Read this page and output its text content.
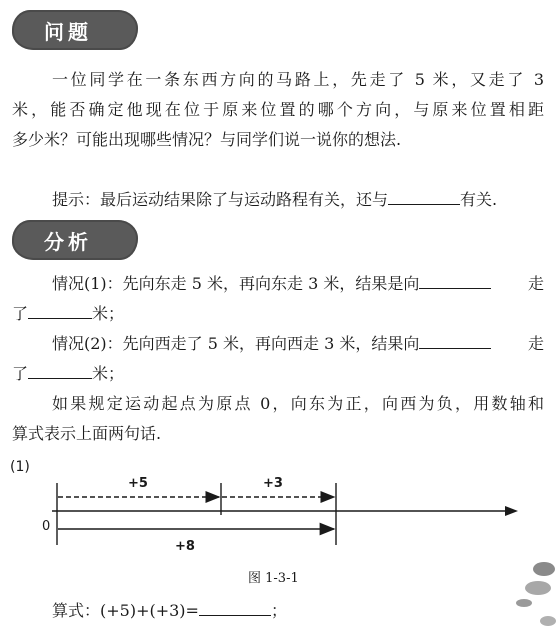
问题
一位同学在一条东西方向的马路上，先走了 5 米，又走了 3
米，能否确定他现在位于原来位置的哪个方向，与原来位置相距
多少米？可能出现哪些情况？与同学们说一说你的想法.
提示：最后运动结果除了与运动路程有关，还与	有关.
分析
情况(1)：先向东走 5 米，再向东走 3 米，结果是向	走
了	米；
情况(2)：先向西走了 5 米，再向西走 3 米，结果向	走
了	米；
如果规定运动起点为原点 0，向东为正，向西为负，用数轴和
算式表示上面两句话.
(1)
0
+5	+3
+8
图 1-3-1
算式：(+5)+(+3)=	；
